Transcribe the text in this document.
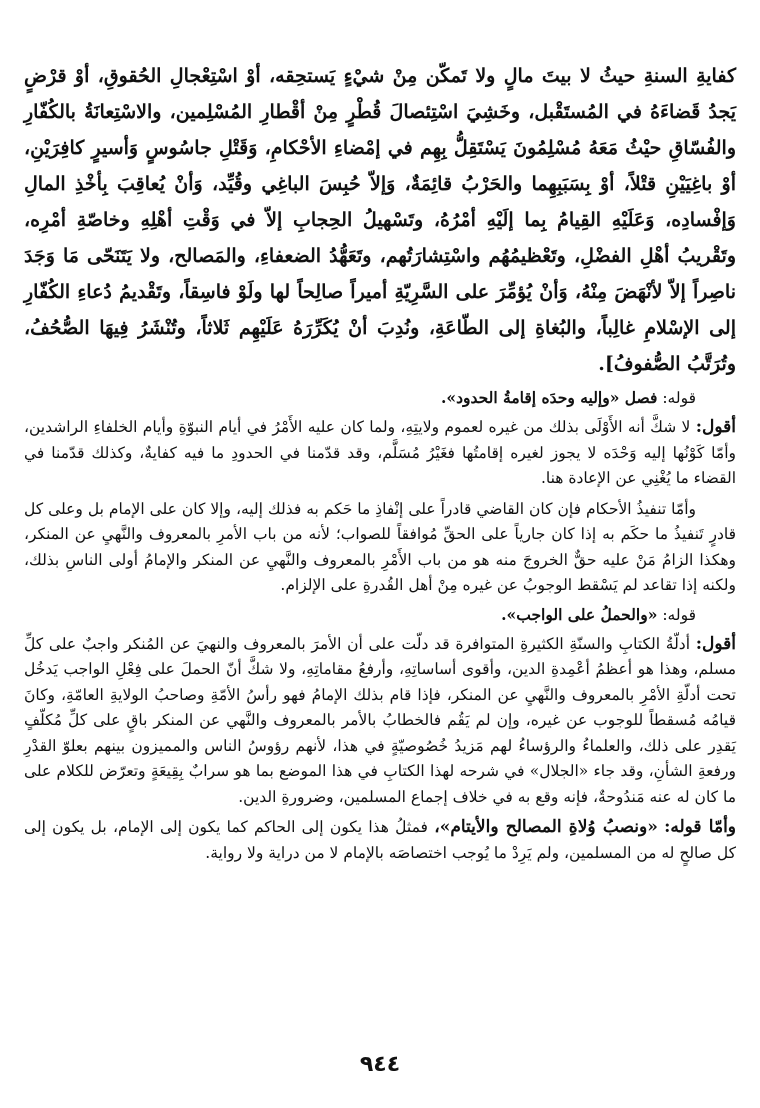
كفايةِ السنةِ حيثُ لا بيتَ مالٍ ولا تَمكّن مِنْ شيْءٍ يَستحِقه، أوْ اسْتِعْجالِ الحُقوقِ، أوْ قرْضٍ يَجدُ قَضاءَهُ في المُستَقْبل، وخَشِيَ اسْتِئصالَ قُطْرٍ مِنْ أقْطارِ المُسْلِمين، والاسْتِعانَةُ بالكُفّارِ والفُسّاقِ حيْثُ مَعَهُ مُسْلِمُونَ يَسْتَقِلُّ بِهِم في إمْضاءِ الأحْكامِ، وَقَتْلِ جاسُوسٍ وَأسيرٍ كافِرَيْنِ، أوْ باغِيَيْنِ قتْلاً، أوْ بِسَبَبِهِما والحَرْبُ قائِمَةٌ، وَإلاّ حُبِسَ الباغِي وقُيِّد، وَأنْ يُعاقِبَ بِأخْذِ المالِ وَإفْسادِه، وَعَلَيْهِ القِيامُ بِما إلَيْهِ أمْرُهُ، وتَسْهيلُ الحِجابِ إلاّ في وَقْتِ أهْلِهِ وخاصّةِ أمْرِه، وتَقْريبُ أهْلِ الفضْلِ، وتَعْظيمُهُم واسْتِشارَتُهم، وتَعَهُّدُ الضعفاءِ، والمَصالح، ولا يَتَنَحّى مَا وَجَدَ ناصِراً إلاّ لأنْهَضَ مِنْهُ، وَأنْ يُؤمِّرَ على السَّرِيّةِ أميراً صالِحاً لها ولَوْ فاسِقاً، وتَقْديمُ دُعاءِ الكُفّارِ إلى الإسْلامِ غالِباً، والبُغاةِ إلى الطّاعَةِ، ونُدِبَ أنْ يُكَرِّرَهُ عَلَيْهِم ثَلاثاً، وتُنْشَرُ فِيهَا الصُّحُفُ، وتُرَتَّبُ الصُّفوفُ].

قوله: فصل «وإليه وحدَه إقامةُ الحدود».

أقول: لا شكَّ أنه الأَوْلَى بذلك من غيره لعموم ولايتِهِ، ولما كان عليه الأَمْرُ في أيام النبوّةِ وأيام الخلفاءِ الراشدين، وأمّا كَوْنُها إليه وَحْدَه لا يجوز لغيره إقامتُها فغَيْرُ مُسَلَّم، وقد قدّمنا في الحدودِ ما فيه كفايةٌ، وكذلك قدّمنا في القضاء ما يُغْنِي عن الإعادة هنا.

وأمّا تنفيذُ الأحكام فإن كان القاضي قادراً على إنْفاذِ ما حَكم به فذلك إليه، وإلا كان على الإمام بل وعلى كل قادرٍ تَنفيذُ ما حكَم به إذا كان جارياً على الحقِّ مُوافقاً للصواب؛ لأنه من باب الأمرِ بالمعروف والنَّهيِ عن المنكر، وهكذا الزامُ مَنْ عليه حقٌّ الخروجَ منه هو من باب الأَمْرِ بالمعروف والنَّهيِ عن المنكر والإمامُ أولى الناسِ بذلك، ولكنه إذا تقاعد لم يَسْقط الوجوبُ عن غيره مِنْ أهل القُدرةِ على الإلزام.

قوله: «والحملُ على الواجب».

أقول: أدلّةُ الكتابِ والسنّةِ الكثيرةِ المتوافرة قد دلّت على أن الأمرَ بالمعروف والنهيَ عن المُنكر واجبٌ على كلِّ مسلم، وهذا هو أعظمُ أعْمِدةِ الدين، وأقوى أساساتِهِ، وأرفعُ مقاماتِهِ، ولا شكَّ أنّ الحملَ على فِعْلِ الواجب يَدخُل تحت أدلّةِ الأمْرِ بالمعروف والنَّهيِ عن المنكر، فإذا قام بذلك الإمامُ فهو رأسُ الأمّةِ وصاحبُ الولايةِ العامّةِ، وكانَ قيامُه مُسقطاً للوجوب عن غيره، وإن لم يَقُم فالخطابُ بالأمر بالمعروف والنَّهي عن المنكر باقٍ على كلِّ مُكلّفٍ يَقدِر على ذلك، والعلماءُ والرؤساءُ لهم مَزيدُ خُصُوصيّةٍ في هذا، لأنهم رؤوسُ الناس والمميزون بينهم بعلوّ القدْرِ ورفعةِ الشأنِ، وقد جاء «الجلال» في شرحه لهذا الكتابِ في هذا الموضع بما هو سرابٌ بِقِيعَةٍ وتعرّض للكلام على ما كان له عنه مَندُوحةٌ، فإنه وقع به في خلاف إجماع المسلمين، وضرورةِ الدين.

وأمّا قوله: «ونصبُ وُلاةِ المصالح والأيتام»، فمثلُ هذا يكون إلى الحاكم كما يكون إلى الإمام، بل يكون إلى كل صالحٍ له من المسلمين، ولم يَرِدْ ما يُوجب اختصاصَه بالإمام لا من دراية ولا رواية.

٩٤٤
